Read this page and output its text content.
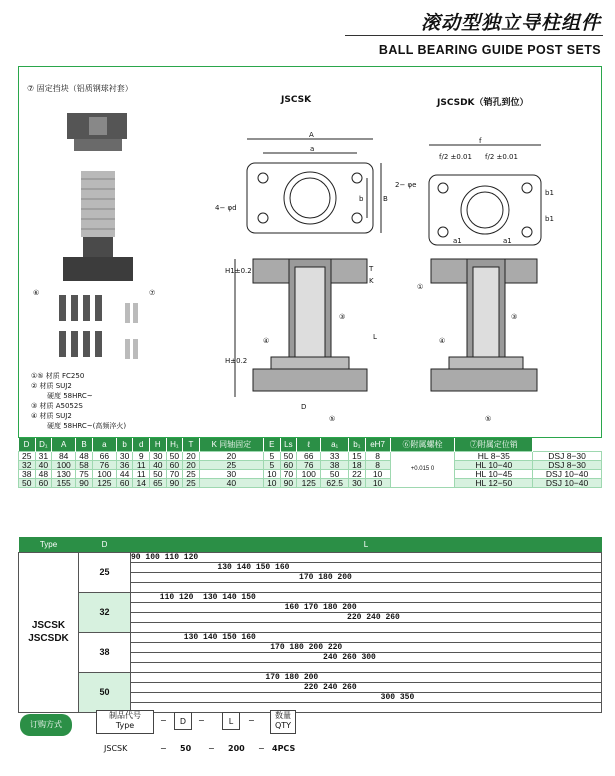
滚动型独立导柱组件
BALL BEARING GUIDE POST SETS
⑦ 固定挡块（铝质钢球衬套）
JSCSK	JSCSDK（销孔到位）
A
a
B
b
4− φd
f
f/2 ±0.01 f/2 ±0.01
2− φe
H1±0.2
H±0.2
L
D
T
K
a1	a1
b1
b1
③
④
⑤
③
④
⑤
①
⑥	⑦
①⑤ 材质 FC250
② 材质 SUJ2
硬度 58HRC~
③ 材质 A5052S
④ 材质 SUJ2
硬度 58HRC~(高频淬火)
D	D₁	A	B	a	b	d	H	H₁	T	K 同轴固定	E	Ls	ℓ	a₁	b₁	eH7	⑥附属螺栓	⑦附属定位销	
25	31	84	48	66	30	9	30	50	20	20	5	50	66	33	15	8	+0.015 0	HL 8−35	DSJ 8−30
32	40	100	58	76	36	11	40	60	20	25	5	60	76	38	18	8		HL 10−40	DSJ 8−30
38	48	130	75	100	44	11	50	70	25	30	10	70	100	50	22	10		HL 10−45	DSJ 10−40
50	60	155	90	125	60	14	65	90	25	40	10	90	125	62.5	30	10		HL 12−50	DSJ 10−40
Type	D	L
JSCSK
JSCSDK	25	90 100 110 120
		130 140 150 160
		170 180 200

	32	110 120  130 140 150
		160 170 180 200
		220 240 260

	38	130 140 150 160
		170 180 200 220
		240 260 300

	50	170 180 200
		220 240 260
		300 350

订购方式
制品代号
Type
−	D	−	L	−
数量
QTY
JSCSK	− 50 − 200 − 4PCS
